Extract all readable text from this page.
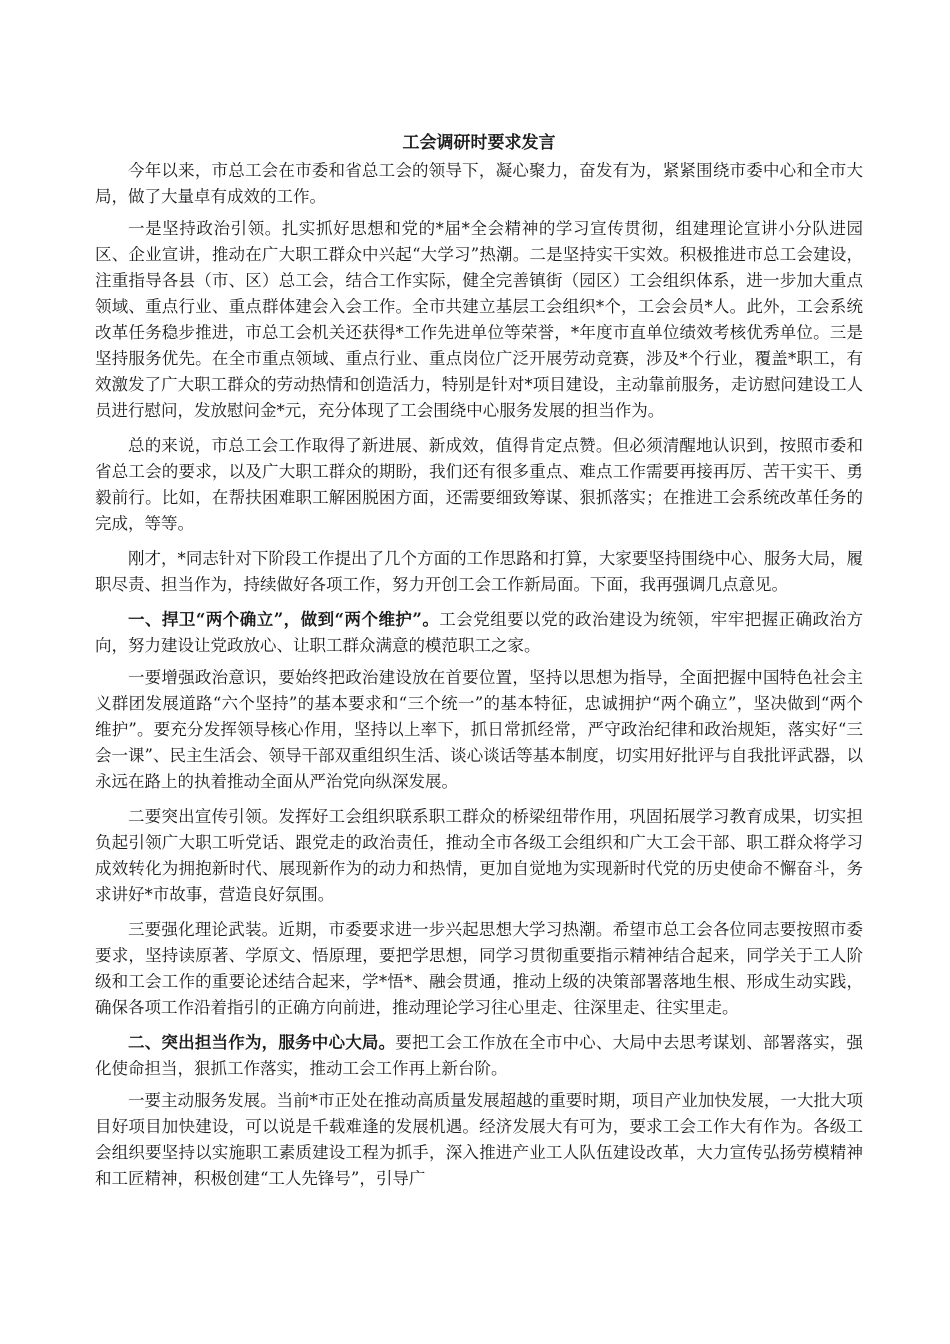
工会调研时要求发言

今年以来，市总工会在市委和省总工会的领导下，凝心聚力，奋发有为，紧紧围绕市委中心和全市大局，做了大量卓有成效的工作。

一是坚持政治引领。扎实抓好思想和党的*届*全会精神的学习宣传贯彻，组建理论宣讲小分队进园区、企业宣讲，推动在广大职工群众中兴起“大学习”热潮。二是坚持实干实效。积极推进市总工会建设，注重指导各县（市、区）总工会，结合工作实际，健全完善镇街（园区）工会组织体系，进一步加大重点领域、重点行业、重点群体建会入会工作。全市共建立基层工会组织*个，工会会员*人。此外，工会系统改革任务稳步推进，市总工会机关还获得*工作先进单位等荣誉，*年度市直单位绩效考核优秀单位。三是坚持服务优先。在全市重点领域、重点行业、重点岗位广泛开展劳动竞赛，涉及*个行业，覆盖*职工，有效激发了广大职工群众的劳动热情和创造活力，特别是针对*项目建设，主动靠前服务，走访慰问建设工人员进行慰问，发放慰问金*元，充分体现了工会围绕中心服务发展的担当作为。

总的来说，市总工会工作取得了新进展、新成效，值得肯定点赞。但必须清醒地认识到，按照市委和省总工会的要求，以及广大职工群众的期盼，我们还有很多重点、难点工作需要再接再厉、苦干实干、勇毅前行。比如，在帮扶困难职工解困脱困方面，还需要细致筹谋、狠抓落实；在推进工会系统改革任务的完成，等等。

刚才，*同志针对下阶段工作提出了几个方面的工作思路和打算，大家要坚持围绕中心、服务大局，履职尽责、担当作为，持续做好各项工作，努力开创工会工作新局面。下面，我再强调几点意见。

一、捍卫“两个确立”，做到“两个维护”。工会党组要以党的政治建设为统领，牢牢把握正确政治方向，努力建设让党政放心、让职工群众满意的模范职工之家。

一要增强政治意识，要始终把政治建设放在首要位置，坚持以思想为指导，全面把握中国特色社会主义群团发展道路“六个坚持”的基本要求和“三个统一”的基本特征，忠诚拥护“两个确立”，坚决做到“两个维护”。要充分发挥领导核心作用，坚持以上率下，抓日常抓经常，严守政治纪律和政治规矩，落实好“三会一课”、民主生活会、领导干部双重组织生活、谈心谈话等基本制度，切实用好批评与自我批评武器，以永远在路上的执着推动全面从严治党向纵深发展。

二要突出宣传引领。发挥好工会组织联系职工群众的桥梁纽带作用，巩固拓展学习教育成果，切实担负起引领广大职工听党话、跟党走的政治责任，推动全市各级工会组织和广大工会干部、职工群众将学习成效转化为拥抱新时代、展现新作为的动力和热情，更加自觉地为实现新时代党的历史使命不懈奋斗，务求讲好*市故事，营造良好氛围。

三要强化理论武装。近期，市委要求进一步兴起思想大学习热潮。希望市总工会各位同志要按照市委要求，坚持读原著、学原文、悟原理，要把学思想，同学习贯彻重要指示精神结合起来，同学关于工人阶级和工会工作的重要论述结合起来，学*悟*、融会贯通，推动上级的决策部署落地生根、形成生动实践，确保各项工作沿着指引的正确方向前进，推动理论学习往心里走、往深里走、往实里走。

二、突出担当作为，服务中心大局。要把工会工作放在全市中心、大局中去思考谋划、部署落实，强化使命担当，狠抓工作落实，推动工会工作再上新台阶。

一要主动服务发展。当前*市正处在推动高质量发展超越的重要时期，项目产业加快发展，一大批大项目好项目加快建设，可以说是千载难逢的发展机遇。经济发展大有可为，要求工会工作大有作为。各级工会组织要坚持以实施职工素质建设工程为抓手，深入推进产业工人队伍建设改革，大力宣传弘扬劳模精神和工匠精神，积极创建“工人先锋号”，引导广
